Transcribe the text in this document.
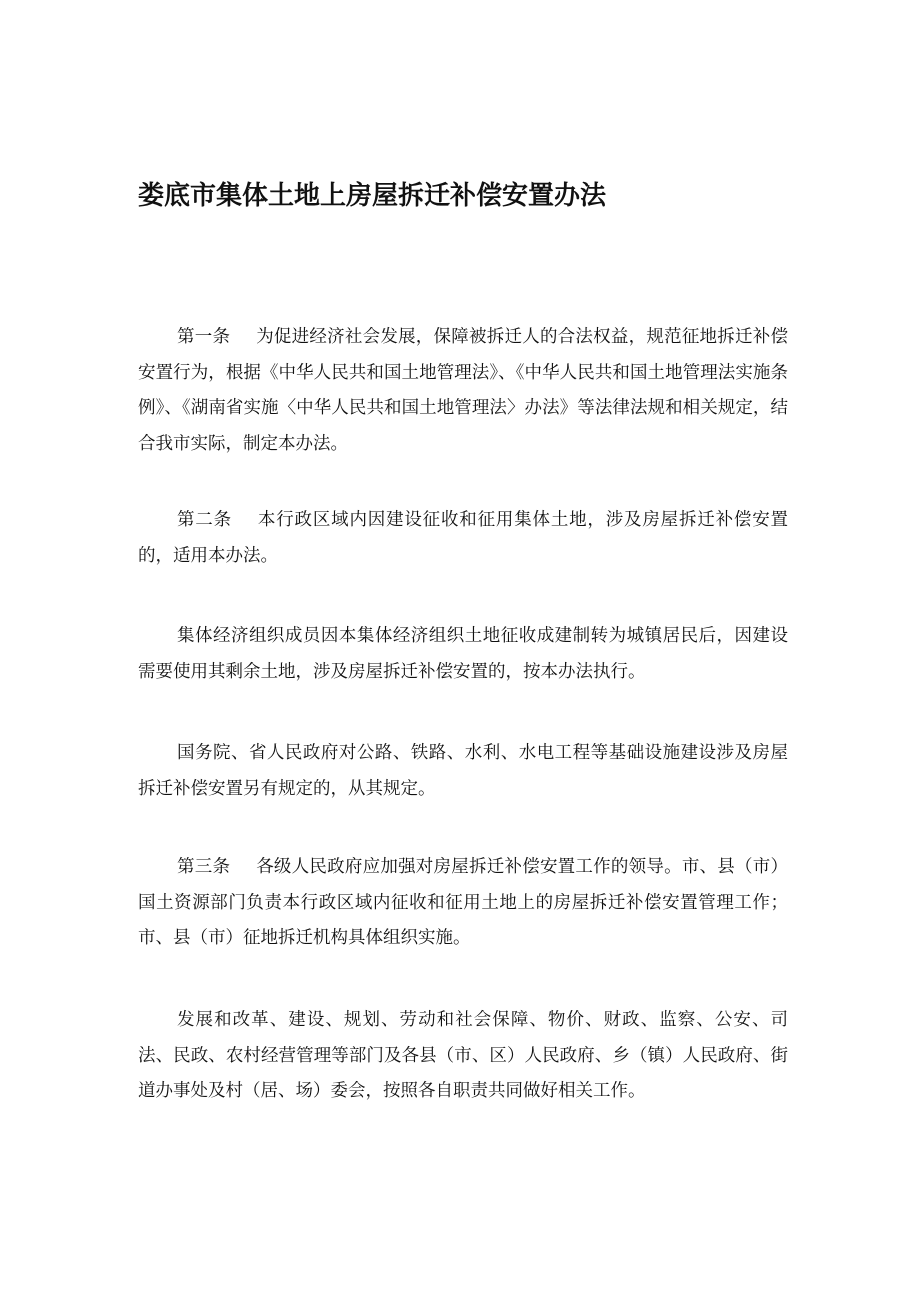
娄底市集体土地上房屋拆迁补偿安置办法

第一条 为促进经济社会发展，保障被拆迁人的合法权益，规范征地拆迁补偿安置行为，根据《中华人民共和国土地管理法》、《中华人民共和国土地管理法实施条例》、《湖南省实施〈中华人民共和国土地管理法〉办法》等法律法规和相关规定，结合我市实际，制定本办法。

第二条 本行政区域内因建设征收和征用集体土地，涉及房屋拆迁补偿安置的，适用本办法。

集体经济组织成员因本集体经济组织土地征收成建制转为城镇居民后，因建设需要使用其剩余土地，涉及房屋拆迁补偿安置的，按本办法执行。

国务院、省人民政府对公路、铁路、水利、水电工程等基础设施建设涉及房屋拆迁补偿安置另有规定的，从其规定。

第三条 各级人民政府应加强对房屋拆迁补偿安置工作的领导。市、县（市）国土资源部门负责本行政区域内征收和征用土地上的房屋拆迁补偿安置管理工作；市、县（市）征地拆迁机构具体组织实施。

发展和改革、建设、规划、劳动和社会保障、物价、财政、监察、公安、司法、民政、农村经营管理等部门及各县（市、区）人民政府、乡（镇）人民政府、街道办事处及村（居、场）委会，按照各自职责共同做好相关工作。
